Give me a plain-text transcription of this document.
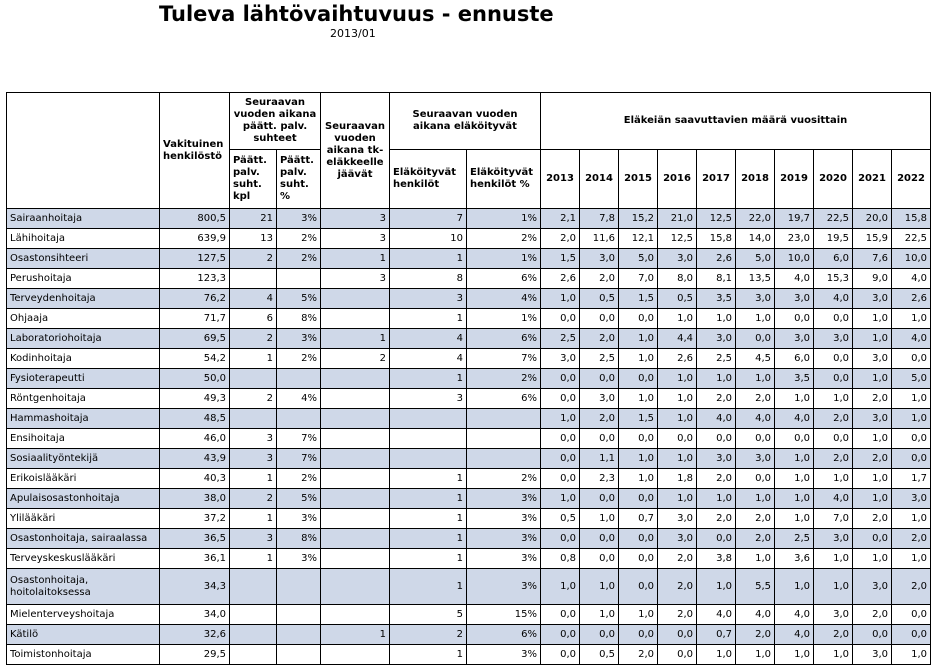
Tuleva lähtövaihtuvuus - ennuste
2013/01
	Vakituinen henkilöstö	Seuraavan vuoden aikana päätt. palv. suhteet		Seuraavan vuoden aikana tk-eläkkeelle jäävät	Seuraavan vuoden aikana eläköityvät		Eläkeiän saavuttavien määrä vuosittain									
		Päätt. palv. suht. kpl	Päätt. palv. suht. %		Eläköityvät henkilöt	Eläköityvät henkilöt %	2013	2014	2015	2016	2017	2018	2019	2020	2021	2022
Sairaanhoitaja	800,5	21	3%	3	7	1%	2,1	7,8	15,2	21,0	12,5	22,0	19,7	22,5	20,0	15,8
Lähihoitaja	639,9	13	2%	3	10	2%	2,0	11,6	12,1	12,5	15,8	14,0	23,0	19,5	15,9	22,5
Osastonsihteeri	127,5	2	2%	1	1	1%	1,5	3,0	5,0	3,0	2,6	5,0	10,0	6,0	7,6	10,0
Perushoitaja	123,3			3	8	6%	2,6	2,0	7,0	8,0	8,1	13,5	4,0	15,3	9,0	4,0
Terveydenhoitaja	76,2	4	5%		3	4%	1,0	0,5	1,5	0,5	3,5	3,0	3,0	4,0	3,0	2,6
Ohjaaja	71,7	6	8%		1	1%	0,0	0,0	0,0	1,0	1,0	1,0	0,0	0,0	1,0	1,0
Laboratoriohoitaja	69,5	2	3%	1	4	6%	2,5	2,0	1,0	4,4	3,0	0,0	3,0	3,0	1,0	4,0
Kodinhoitaja	54,2	1	2%	2	4	7%	3,0	2,5	1,0	2,6	2,5	4,5	6,0	0,0	3,0	0,0
Fysioterapeutti	50,0				1	2%	0,0	0,0	0,0	1,0	1,0	1,0	3,5	0,0	1,0	5,0
Röntgenhoitaja	49,3	2	4%		3	6%	0,0	3,0	1,0	1,0	2,0	2,0	1,0	1,0	2,0	1,0
Hammashoitaja	48,5						1,0	2,0	1,5	1,0	4,0	4,0	4,0	2,0	3,0	1,0
Ensihoitaja	46,0	3	7%				0,0	0,0	0,0	0,0	0,0	0,0	0,0	0,0	1,0	0,0
Sosiaalityöntekijä	43,9	3	7%				0,0	1,1	1,0	1,0	3,0	3,0	1,0	2,0	2,0	0,0
Erikoislääkäri	40,3	1	2%		1	2%	0,0	2,3	1,0	1,8	2,0	0,0	1,0	1,0	1,0	1,7
Apulaisosastonhoitaja	38,0	2	5%		1	3%	1,0	0,0	0,0	1,0	1,0	1,0	1,0	4,0	1,0	3,0
Ylilääkäri	37,2	1	3%		1	3%	0,5	1,0	0,7	3,0	2,0	2,0	1,0	7,0	2,0	1,0
Osastonhoitaja, sairaalassa	36,5	3	8%		1	3%	0,0	0,0	0,0	3,0	0,0	2,0	2,5	3,0	0,0	2,0
Terveyskeskuslääkäri	36,1	1	3%		1	3%	0,8	0,0	0,0	2,0	3,8	1,0	3,6	1,0	1,0	1,0
Osastonhoitaja, hoitolaitoksessa	34,3				1	3%	1,0	1,0	0,0	2,0	1,0	5,5	1,0	1,0	3,0	2,0
Mielenterveyshoitaja	34,0				5	15%	0,0	1,0	1,0	2,0	4,0	4,0	4,0	3,0	2,0	0,0
Kätilö	32,6			1	2	6%	0,0	0,0	0,0	0,0	0,7	2,0	4,0	2,0	0,0	0,0
Toimistonhoitaja	29,5				1	3%	0,0	0,5	2,0	0,0	1,0	1,0	1,0	1,0	3,0	1,0
